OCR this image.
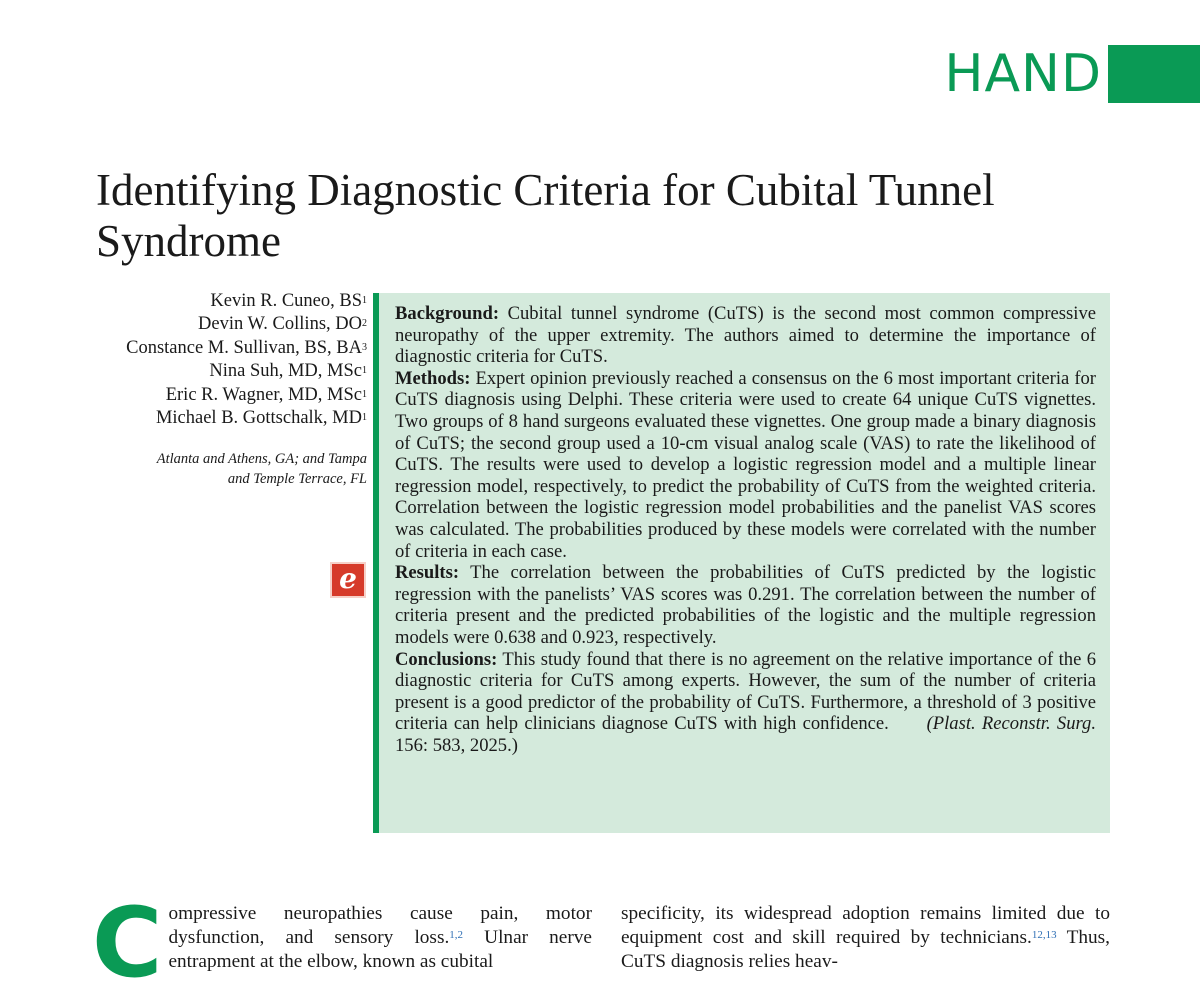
HAND
Identifying Diagnostic Criteria for Cubital Tunnel Syndrome
Kevin R. Cuneo, $BS^1$
Devin W. Collins, $DO^2$
Constance M. Sullivan, BS, $BA^3$
Nina Suh, MD, MSc$^1$
Eric R. Wagner, MD, MSc$^1$
Michael B. Gottschalk, $MD^1$
Atlanta and Athens, GA; and Tampa
and Temple Terrace, FL
e

Background: Cubital tunnel syndrome (CuTS) is the second most common compressive neuropathy of the upper extremity. The authors aimed to determine the importance of diagnostic criteria for CuTS.

Methods: Expert opinion previously reached a consensus on the 6 most important criteria for CuTS diagnosis using Delphi. These criteria were used to create 64 unique CuTS vignettes. Two groups of 8 hand surgeons evaluated these vignettes. One group made a binary diagnosis of CuTS; the second group used a 10-cm visual analog scale (VAS) to rate the likelihood of CuTS. The results were used to develop a logistic regression model and a multiple linear regression model, respectively, to predict the probability of CuTS from the weighted criteria. Correlation between the logistic regression model probabilities and the panelist VAS scores was calculated. The probabilities produced by these models were correlated with the number of criteria in each case.

Results: The correlation between the probabilities of CuTS predicted by the logistic regression with the panelists’ VAS scores was 0.291. The correlation between the number of criteria present and the predicted probabilities of the logistic and the multiple regression models were 0.638 and 0.923, respectively.

Conclusions: This study found that there is no agreement on the relative importance of the 6 diagnostic criteria for CuTS among experts. However, the sum of the number of criteria present is a good predictor of the probability of CuTS. Furthermore, a threshold of 3 positive criteria can help clinicians diagnose CuTS with high confidence. (Plast. Reconstr. Surg. 156: 583, 2025.)

Compressive neuropathies cause pain, motor dysfunction, and sensory loss.$^{1,2}$ Ulnar nerve entrapment at the elbow, known as cubital
specificity, its widespread adoption remains limited due to equipment cost and skill required by technicians.$^{12,13}$ Thus, CuTS diagnosis relies heav-
